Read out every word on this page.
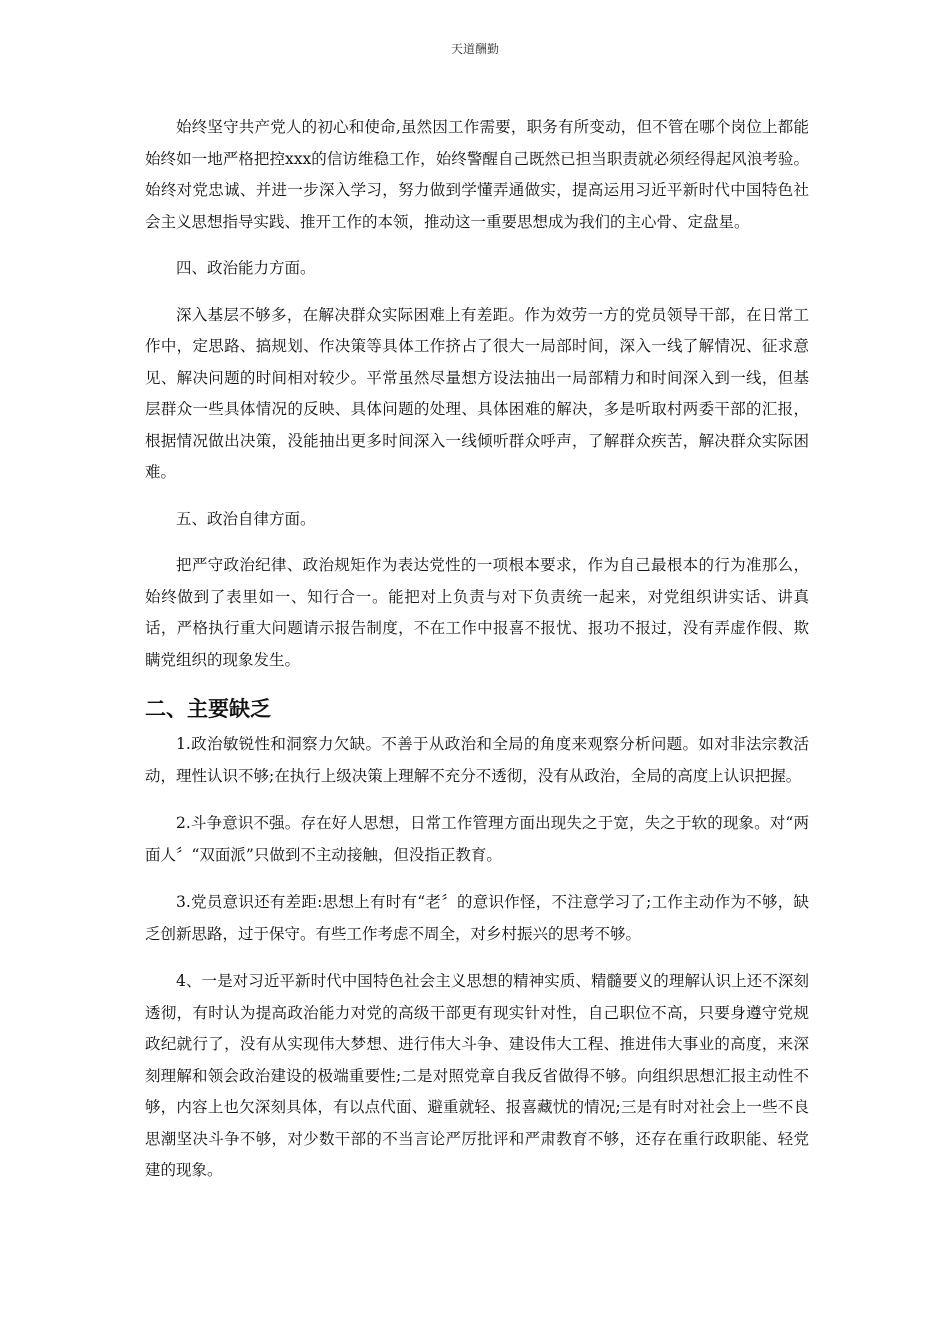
天道酬勤

始终坚守共产党人的初心和使命,虽然因工作需要，职务有所变动，但不管在哪个岗位上都能始终如一地严格把控xxx的信访维稳工作，始终警醒自己既然已担当职责就必须经得起风浪考验。始终对党忠诚、并进一步深入学习，努力做到学懂弄通做实，提高运用习近平新时代中国特色社会主义思想指导实践、推开工作的本领，推动这一重要思想成为我们的主心骨、定盘星。

四、政治能力方面。

深入基层不够多，在解决群众实际困难上有差距。作为效劳一方的党员领导干部，在日常工作中，定思路、搞规划、作决策等具体工作挤占了很大一局部时间，深入一线了解情况、征求意见、解决问题的时间相对较少。平常虽然尽量想方设法抽出一局部精力和时间深入到一线，但基层群众一些具体情况的反映、具体问题的处理、具体困难的解决，多是听取村两委干部的汇报，根据情况做出决策，没能抽出更多时间深入一线倾听群众呼声，了解群众疾苦，解决群众实际困难。

五、政治自律方面。

把严守政治纪律、政治规矩作为表达党性的一项根本要求，作为自己最根本的行为准那么，始终做到了表里如一、知行合一。能把对上负责与对下负责统一起来，对党组织讲实话、讲真话，严格执行重大问题请示报告制度，不在工作中报喜不报忧、报功不报过，没有弄虚作假、欺瞒党组织的现象发生。

二、主要缺乏

1.政治敏锐性和洞察力欠缺。不善于从政治和全局的角度来观察分析问题。如对非法宗教活动，理性认识不够;在执行上级决策上理解不充分不透彻，没有从政治，全局的高度上认识把握。

2.斗争意识不强。存在好人思想，日常工作管理方面出现失之于宽，失之于软的现象。对“两面人〞“双面派”只做到不主动接触，但没指正教育。

3.党员意识还有差距:思想上有时有“老〞的意识作怪，不注意学习了;工作主动作为不够，缺乏创新思路，过于保守。有些工作考虑不周全，对乡村振兴的思考不够。

4、一是对习近平新时代中国特色社会主义思想的精神实质、精髓要义的理解认识上还不深刻透彻，有时认为提高政治能力对党的高级干部更有现实针对性，自己职位不高，只要身遵守党规政纪就行了，没有从实现伟大梦想、进行伟大斗争、建设伟大工程、推进伟大事业的高度，来深刻理解和领会政治建设的极端重要性;二是对照党章自我反省做得不够。向组织思想汇报主动性不够，内容上也欠深刻具体，有以点代面、避重就轻、报喜藏忧的情况;三是有时对社会上一些不良思潮坚决斗争不够，对少数干部的不当言论严厉批评和严肃教育不够，还存在重行政职能、轻党建的现象。
